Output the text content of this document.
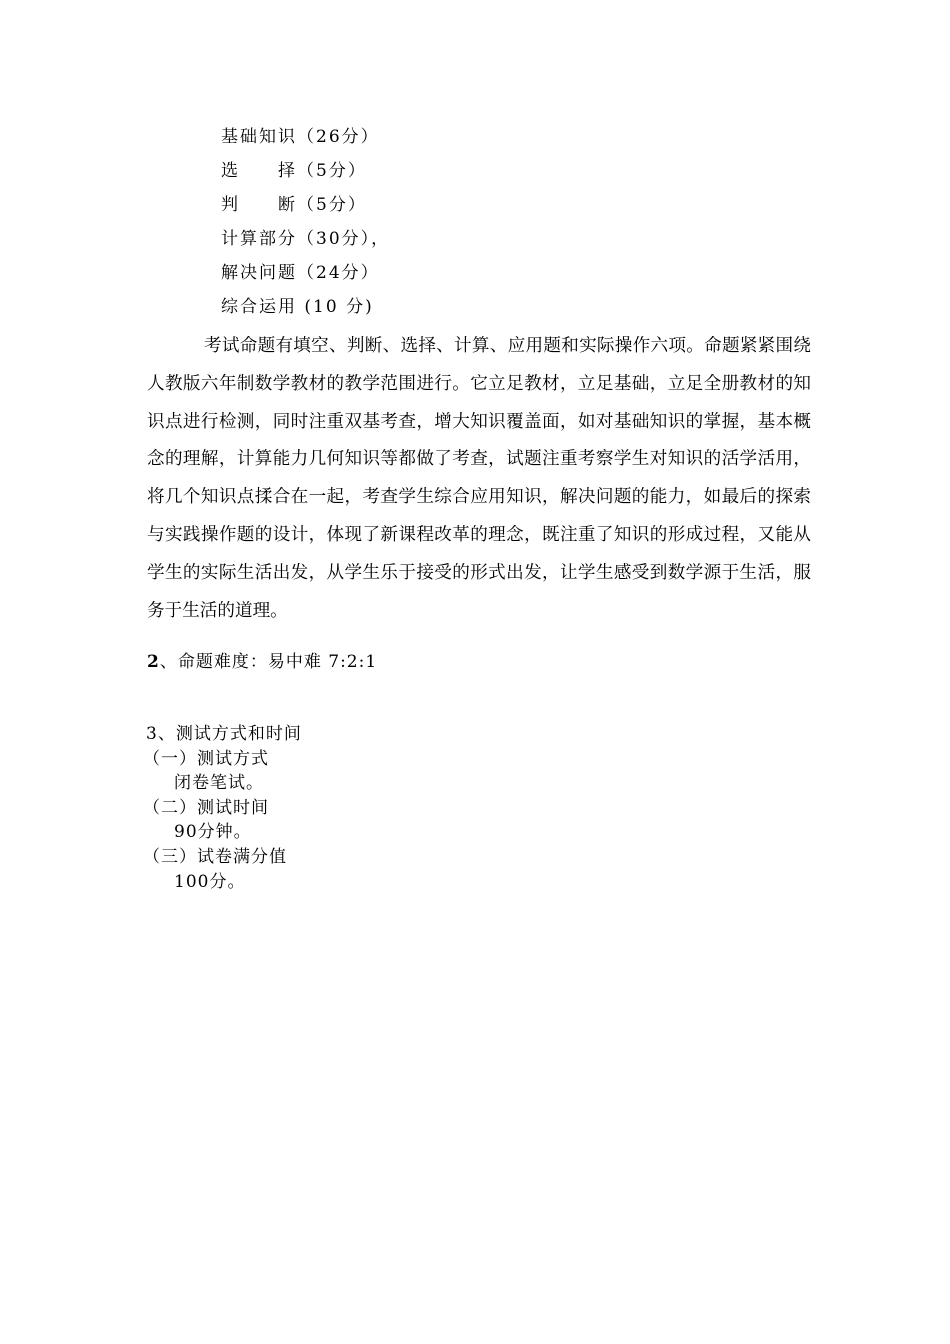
基础知识（26分）
选　　择（5分）
判　　断（5分）
计算部分（30分），
解决问题（24分）
综合运用 (10 分)

考试命题有填空、判断、选择、计算、应用题和实际操作六项。命题紧紧围绕人教版六年制数学教材的教学范围进行。它立足教材，立足基础，立足全册教材的知识点进行检测，同时注重双基考查，增大知识覆盖面，如对基础知识的掌握，基本概念的理解，计算能力几何知识等都做了考查，试题注重考察学生对知识的活学活用，将几个知识点揉合在一起，考查学生综合应用知识，解决问题的能力，如最后的探索与实践操作题的设计，体现了新课程改革的理念，既注重了知识的形成过程，又能从学生的实际生活出发，从学生乐于接受的形式出发，让学生感受到数学源于生活，服务于生活的道理。

2、命题难度：易中难 7:2:1
3、测试方式和时间
（一）测试方式
闭卷笔试。
（二）测试时间
90分钟。
（三）试卷满分值
100分。
